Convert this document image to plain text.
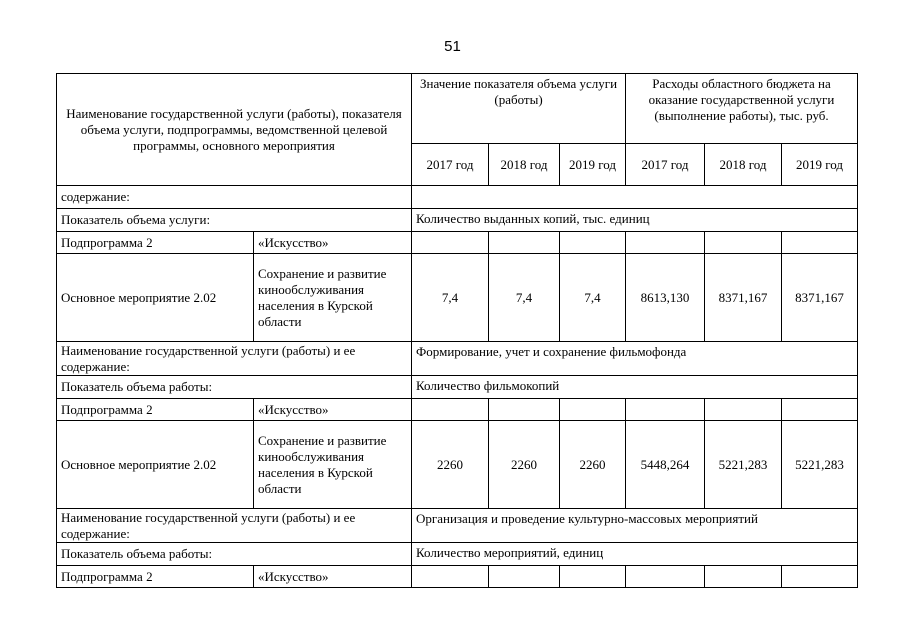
51
Наименование государственной услуги (работы), показателя объема услуги, подпрограммы, ведомственной целевой программы, основного мероприятия		Значение показателя объема услуги (работы)			Расходы областного бюджета на оказание государственной услуги (выполнение работы), тыс. руб.		
		2017 год	2018 год	2019 год	2017 год	2018 год	2019 год
содержание:							
Показатель объема услуги:		Количество выданных копий, тыс. единиц					
Подпрограмма 2	«Искусство»						
Основное мероприятие 2.02	Сохранение и развитие кинообслуживания населения в Курской области	7,4	7,4	7,4	8613,130	8371,167	8371,167
Наименование государственной услуги (работы) и ее содержание:		Формирование, учет и сохранение фильмофонда					
Показатель объема работы:		Количество фильмокопий					
Подпрограмма 2	«Искусство»						
Основное мероприятие 2.02	Сохранение и развитие кинообслуживания населения в Курской области	2260	2260	2260	5448,264	5221,283	5221,283
Наименование государственной услуги (работы) и ее содержание:		Организация и проведение культурно-массовых мероприятий					
Показатель объема работы:		Количество мероприятий, единиц					
Подпрограмма 2	«Искусство»						
